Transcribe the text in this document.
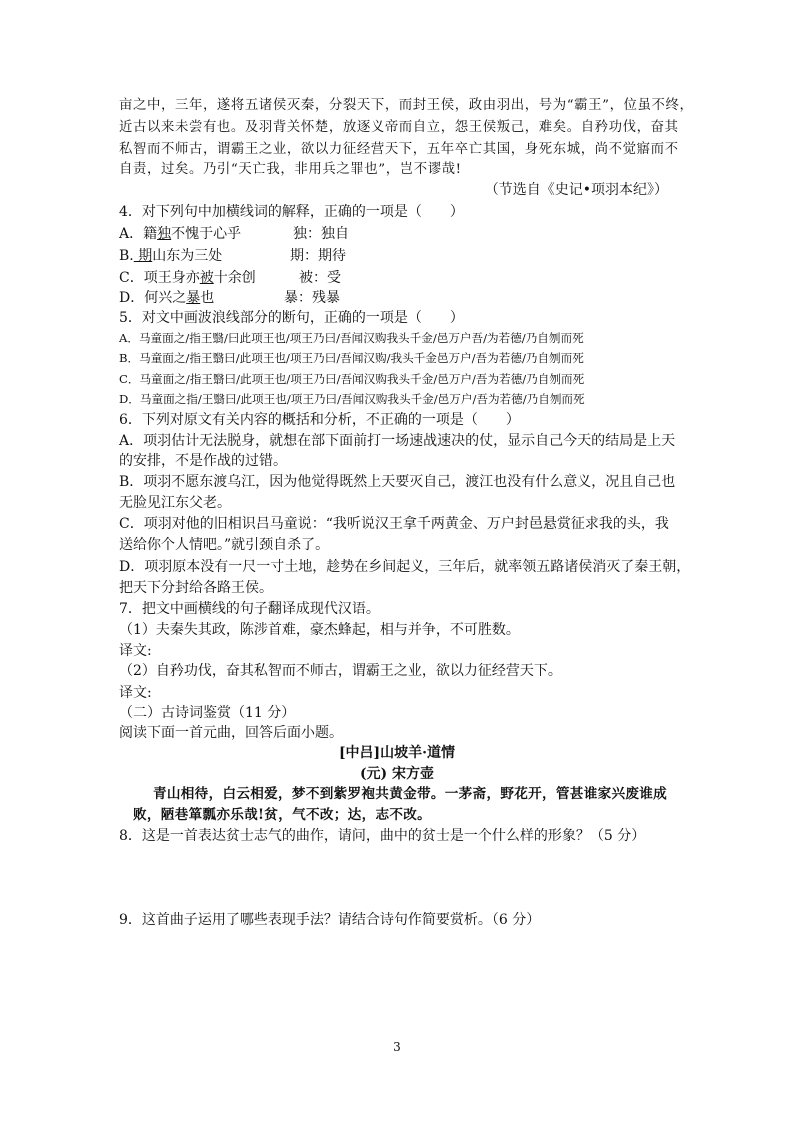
亩之中，三年，遂将五诸侯灭秦，分裂天下，而封王侯，政由羽出，号为“霸王”，位虽不终，
近古以来未尝有也。及羽背关怀楚，放逐义帝而自立，怨王侯叛己，难矣。自矜功伐，奋其
私智而不师古，谓霸王之业，欲以力征经营天下，五年卒亡其国，身死东城，尚不觉寤而不
自责，过矣。乃引“天亡我，非用兵之罪也”，岂不谬哉!
（节选自《史记•项羽本纪》）
4．对下列句中加横线词的解释，正确的一项是（　　）
A．籍独不愧于心乎	独：独自
B. 期山东为三处	期：期待
C．项王身亦被十余创	被：受
D．何兴之暴也	暴：残暴
5．对文中画波浪线部分的断句，正确的一项是（　　）
A．马童面之/指王翳/曰此项王也/项王乃曰/吾闻汉购我头千金/邑万户吾/为若德/乃自刎而死
B．马童面之/指王翳曰/此项王也/项王乃曰/吾闻汉购/我头千金邑万户/吾为若德/乃自刎而死
C．马童面之/指王翳曰/此项王也/项王乃曰/吾闻汉购我头千金/邑万户/吾为若德/乃自刎而死
D．马童面之指/王翳曰/此项王也/项王乃曰/吾闻汉购我头千金/邑万户/吾为若德/乃自刎而死
6．下列对原文有关内容的概括和分析，不正确的一项是（　　）
A．项羽估计无法脱身，就想在部下面前打一场速战速决的仗，显示自己今天的结局是上天
的安排，不是作战的过错。
B．项羽不愿东渡乌江，因为他觉得既然上天要灭自己，渡江也没有什么意义，况且自己也
无脸见江东父老。
C．项羽对他的旧相识吕马童说：“我听说汉王拿千两黄金、万户封邑悬赏征求我的头，我
送给你个人情吧。”就引颈自杀了。
D．项羽原本没有一尺一寸土地，趁势在乡间起义，三年后，就率领五路诸侯消灭了秦王朝，
把天下分封给各路王侯。
7．把文中画横线的句子翻译成现代汉语。
（1）夫秦失其政，陈涉首难，豪杰蜂起，相与并争，不可胜数。
译文:
（2）自矜功伐，奋其私智而不师古，谓霸王之业，欲以力征经营天下。
译文:
（二）古诗词鉴赏（11 分）
阅读下面一首元曲，回答后面小题。
[中吕]山坡羊·道情
(元) 宋方壶
青山相待，白云相爱，梦不到紫罗袍共黄金带。一茅斋，野花开，管甚谁家兴废谁成
败，陋巷箪瓢亦乐哉!贫，气不改；达，志不改。
8．这是一首表达贫士志气的曲作，请问，曲中的贫士是一个什么样的形象？（5 分）
9．这首曲子运用了哪些表现手法？请结合诗句作简要赏析。（6 分）
3
